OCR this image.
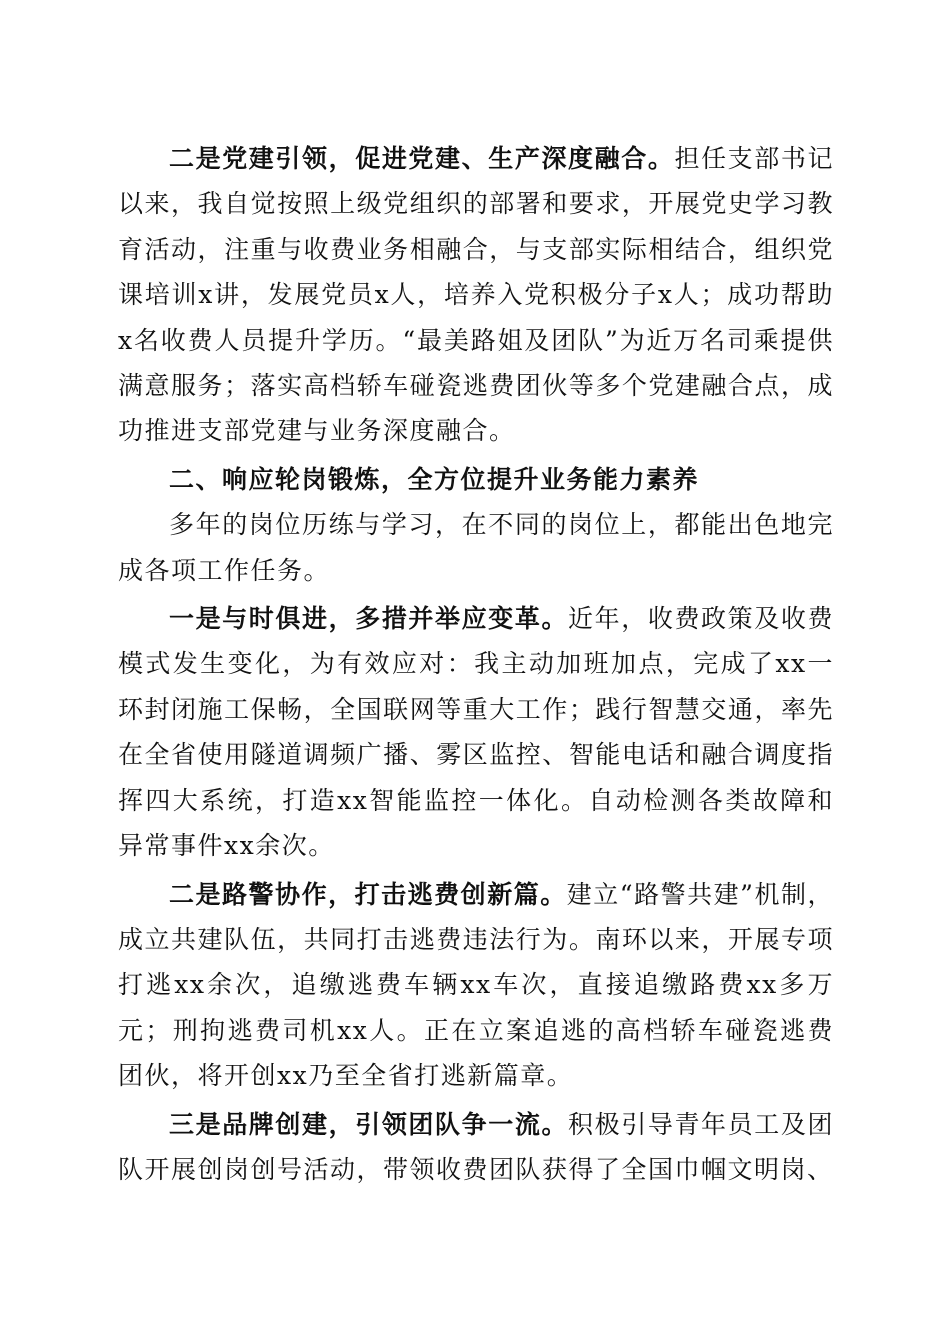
二是党建引领，促进党建、生产深度融合。担任支部书记以来，我自觉按照上级党组织的部署和要求，开展党史学习教育活动，注重与收费业务相融合，与支部实际相结合，组织党课培训x讲，发展党员x人，培养入党积极分子x人；成功帮助x名收费人员提升学历。“最美路姐及团队”为近万名司乘提供满意服务；落实高档轿车碰瓷逃费团伙等多个党建融合点，成功推进支部党建与业务深度融合。

二、响应轮岗锻炼，全方位提升业务能力素养

多年的岗位历练与学习，在不同的岗位上，都能出色地完成各项工作任务。

一是与时俱进，多措并举应变革。近年，收费政策及收费模式发生变化，为有效应对：我主动加班加点，完成了xx一环封闭施工保畅，全国联网等重大工作；践行智慧交通，率先在全省使用隧道调频广播、雾区监控、智能电话和融合调度指挥四大系统，打造xx智能监控一体化。自动检测各类故障和异常事件xx余次。

二是路警协作，打击逃费创新篇。建立“路警共建”机制，成立共建队伍，共同打击逃费违法行为。南环以来，开展专项打逃xx余次，追缴逃费车辆xx车次，直接追缴路费xx多万元；刑拘逃费司机xx人。正在立案追逃的高档轿车碰瓷逃费团伙，将开创xx乃至全省打逃新篇章。

三是品牌创建，引领团队争一流。积极引导青年员工及团队开展创岗创号活动，带领收费团队获得了全国巾帼文明岗、
